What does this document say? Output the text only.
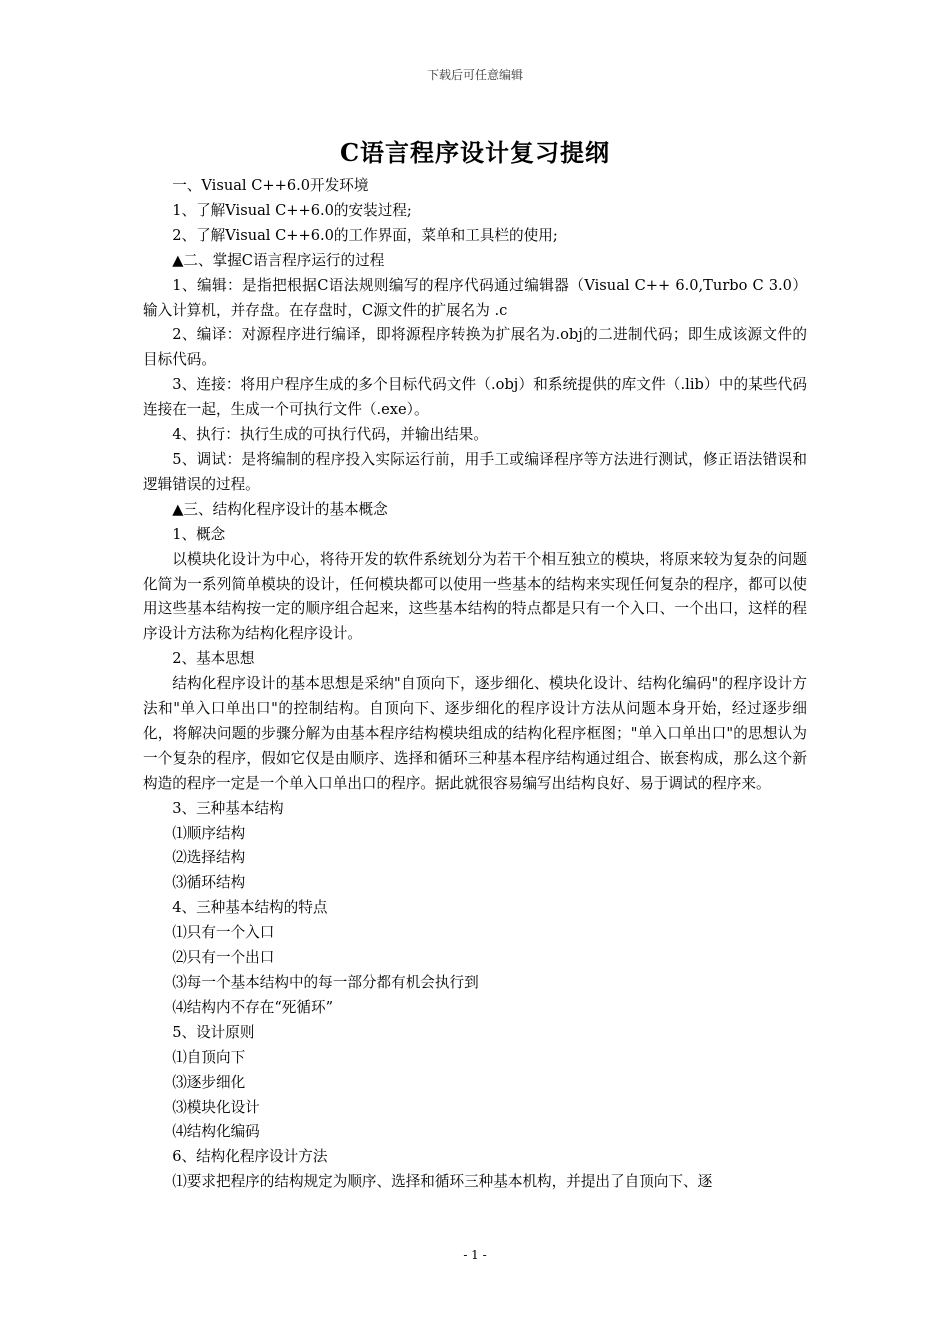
下载后可任意编辑
C语言程序设计复习提纲

一、Visual C++6.0开发环境

1、了解Visual C++6.0的安装过程;

2、了解Visual C++6.0的工作界面，菜单和工具栏的使用;

▲二、掌握C语言程序运行的过程

1、编辑：是指把根据C语法规则编写的程序代码通过编辑器（Visual C++ 6.0,Turbo C 3.0）输入计算机，并存盘。在存盘时，C源文件的扩展名为 .c

2、编译：对源程序进行编译，即将源程序转换为扩展名为.obj的二进制代码；即生成该源文件的目标代码。

3、连接：将用户程序生成的多个目标代码文件（.obj）和系统提供的库文件（.lib）中的某些代码连接在一起，生成一个可执行文件（.exe）。

4、执行：执行生成的可执行代码，并输出结果。

5、调试：是将编制的程序投入实际运行前，用手工或编译程序等方法进行测试，修正语法错误和逻辑错误的过程。

▲三、结构化程序设计的基本概念

1、概念

以模块化设计为中心，将待开发的软件系统划分为若干个相互独立的模块，将原来较为复杂的问题化简为一系列简单模块的设计，任何模块都可以使用一些基本的结构来实现任何复杂的程序，都可以使用这些基本结构按一定的顺序组合起来，这些基本结构的特点都是只有一个入口、一个出口，这样的程序设计方法称为结构化程序设计。

2、基本思想

结构化程序设计的基本思想是采纳"自顶向下，逐步细化、模块化设计、结构化编码"的程序设计方法和"单入口单出口"的控制结构。自顶向下、逐步细化的程序设计方法从问题本身开始，经过逐步细化，将解决问题的步骤分解为由基本程序结构模块组成的结构化程序框图；"单入口单出口"的思想认为一个复杂的程序，假如它仅是由顺序、选择和循环三种基本程序结构通过组合、嵌套构成，那么这个新构造的程序一定是一个单入口单出口的程序。据此就很容易编写出结构良好、易于调试的程序来。

3、三种基本结构

⑴顺序结构

⑵选择结构

⑶循环结构

4、三种基本结构的特点

⑴只有一个入口

⑵只有一个出口

⑶每一个基本结构中的每一部分都有机会执行到

⑷结构内不存在“死循环”

5、设计原则

⑴自顶向下

⑶逐步细化

⑶模块化设计

⑷结构化编码

6、结构化程序设计方法

⑴要求把程序的结构规定为顺序、选择和循环三种基本机构，并提出了自顶向下、逐

- 1 -
